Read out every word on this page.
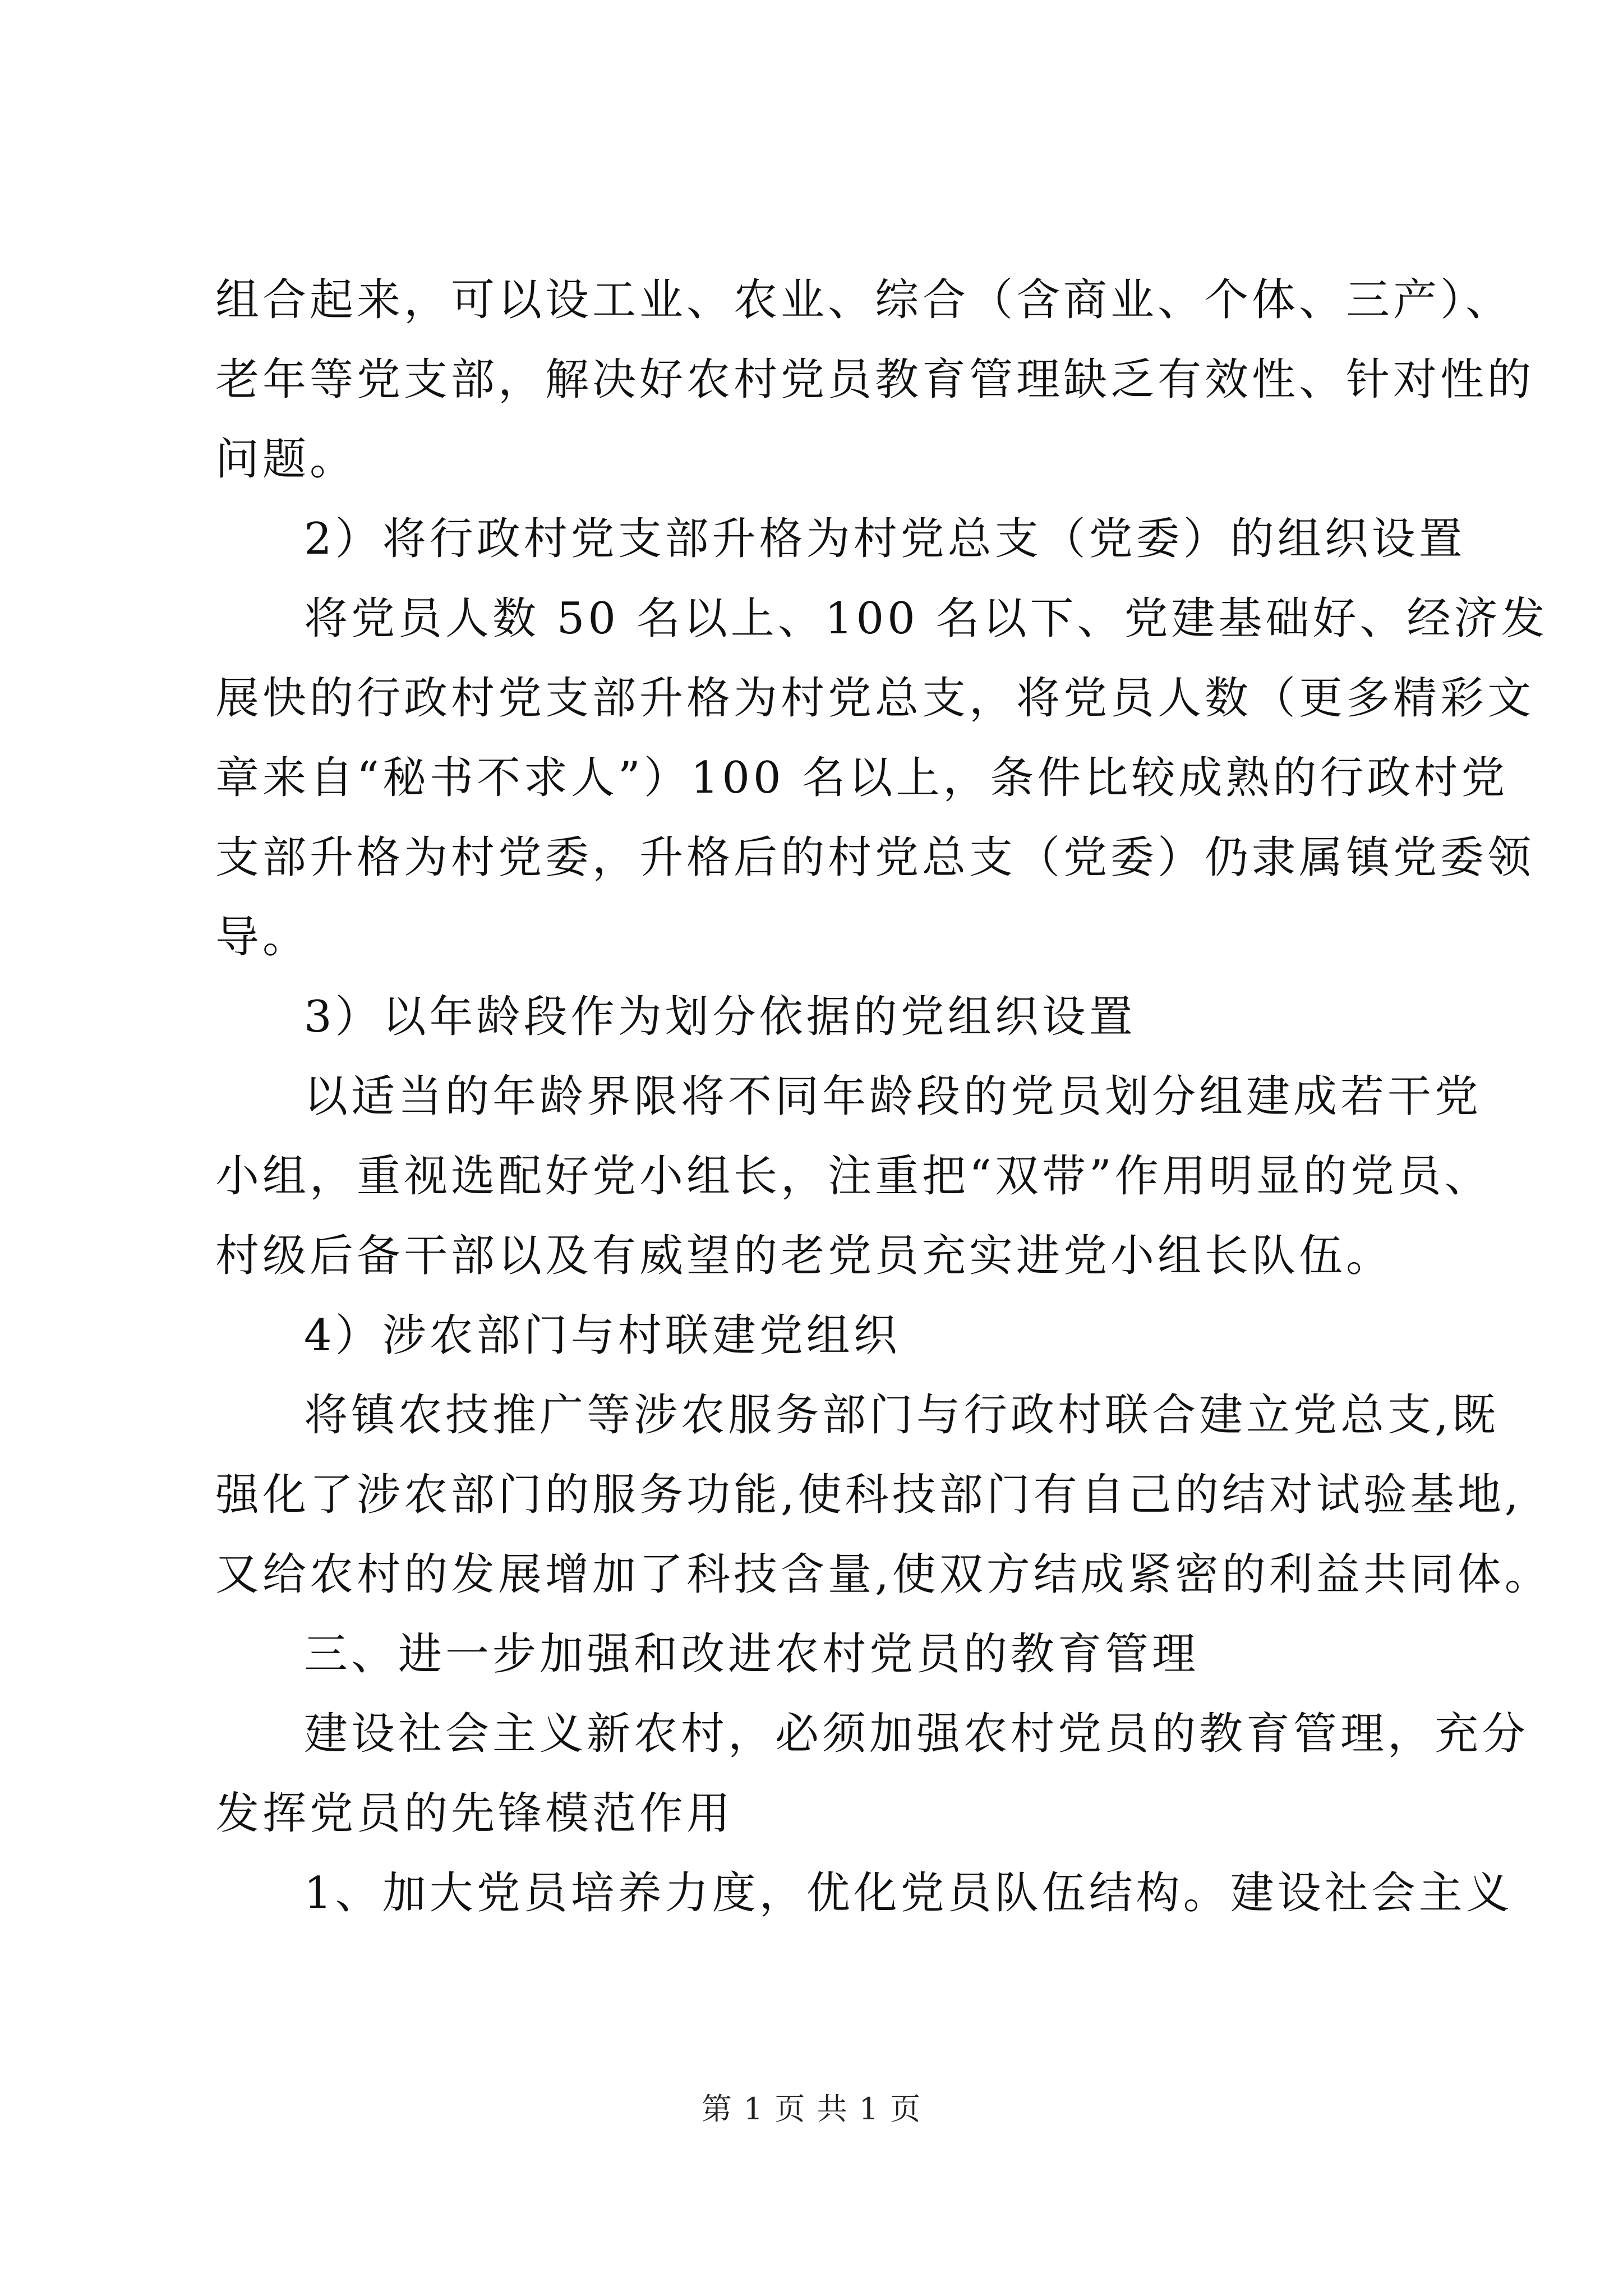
组合起来，可以设工业、农业、综合（含商业、个体、三产）、
老年等党支部，解决好农村党员教育管理缺乏有效性、针对性的
问题。
2）将行政村党支部升格为村党总支（党委）的组织设置
将党员人数 50 名以上、100 名以下、党建基础好、经济发
展快的行政村党支部升格为村党总支，将党员人数（更多精彩文
章来自“秘书不求人”）100 名以上，条件比较成熟的行政村党
支部升格为村党委，升格后的村党总支（党委）仍隶属镇党委领
导。
3）以年龄段作为划分依据的党组织设置
以适当的年龄界限将不同年龄段的党员划分组建成若干党
小组，重视选配好党小组长，注重把“双带”作用明显的党员、
村级后备干部以及有威望的老党员充实进党小组长队伍。
4）涉农部门与村联建党组织
将镇农技推广等涉农服务部门与行政村联合建立党总支,既
强化了涉农部门的服务功能,使科技部门有自己的结对试验基地,
又给农村的发展增加了科技含量,使双方结成紧密的利益共同体。
三、进一步加强和改进农村党员的教育管理
建设社会主义新农村，必须加强农村党员的教育管理，充分
发挥党员的先锋模范作用
1、加大党员培养力度，优化党员队伍结构。建设社会主义
第 1 页 共 1 页
